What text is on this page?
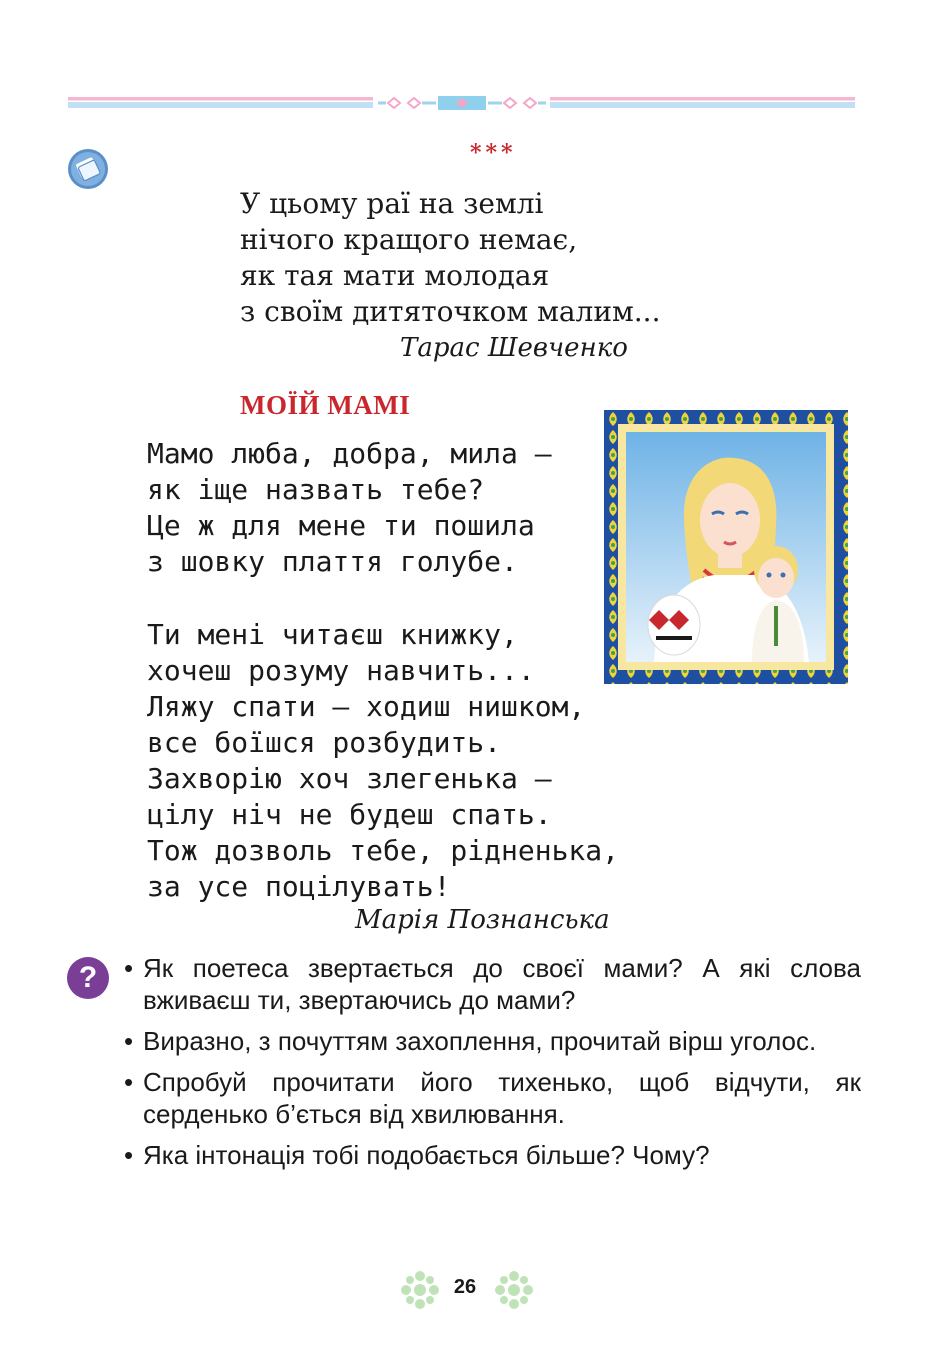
***
У цьому раї на землі
нічого кращого немає,
як тая мати молодая
з своїм дитяточком малим...
Тарас Шевченко
МОЇЙ МАМІ
Мамо люба, добра, мила —
як іще назвать тебе?
Це ж для мене ти пошила
з шовку плаття голубе.
Ти мені читаєш книжку,
хочеш розуму навчить...
Ляжу спати — ходиш нишком,
все боїшся розбудить.
Захворію хоч злегенька —
цілу ніч не будеш спать.
Тож дозволь тебе, рідненька,
за усе поцілувать!
Марія Познанська
?
•	Як поетеса звертається до своєї мами? А які слова вживаєш ти, звертаючись до мами?
• Виразно, з почуттям захоплення, прочитай вірш уголос.
• Спробуй прочитати його тихенько, щоб відчути, як серденько б’ється від хвилювання.
• Яка інтонація тобі подобається більше? Чому?
26
